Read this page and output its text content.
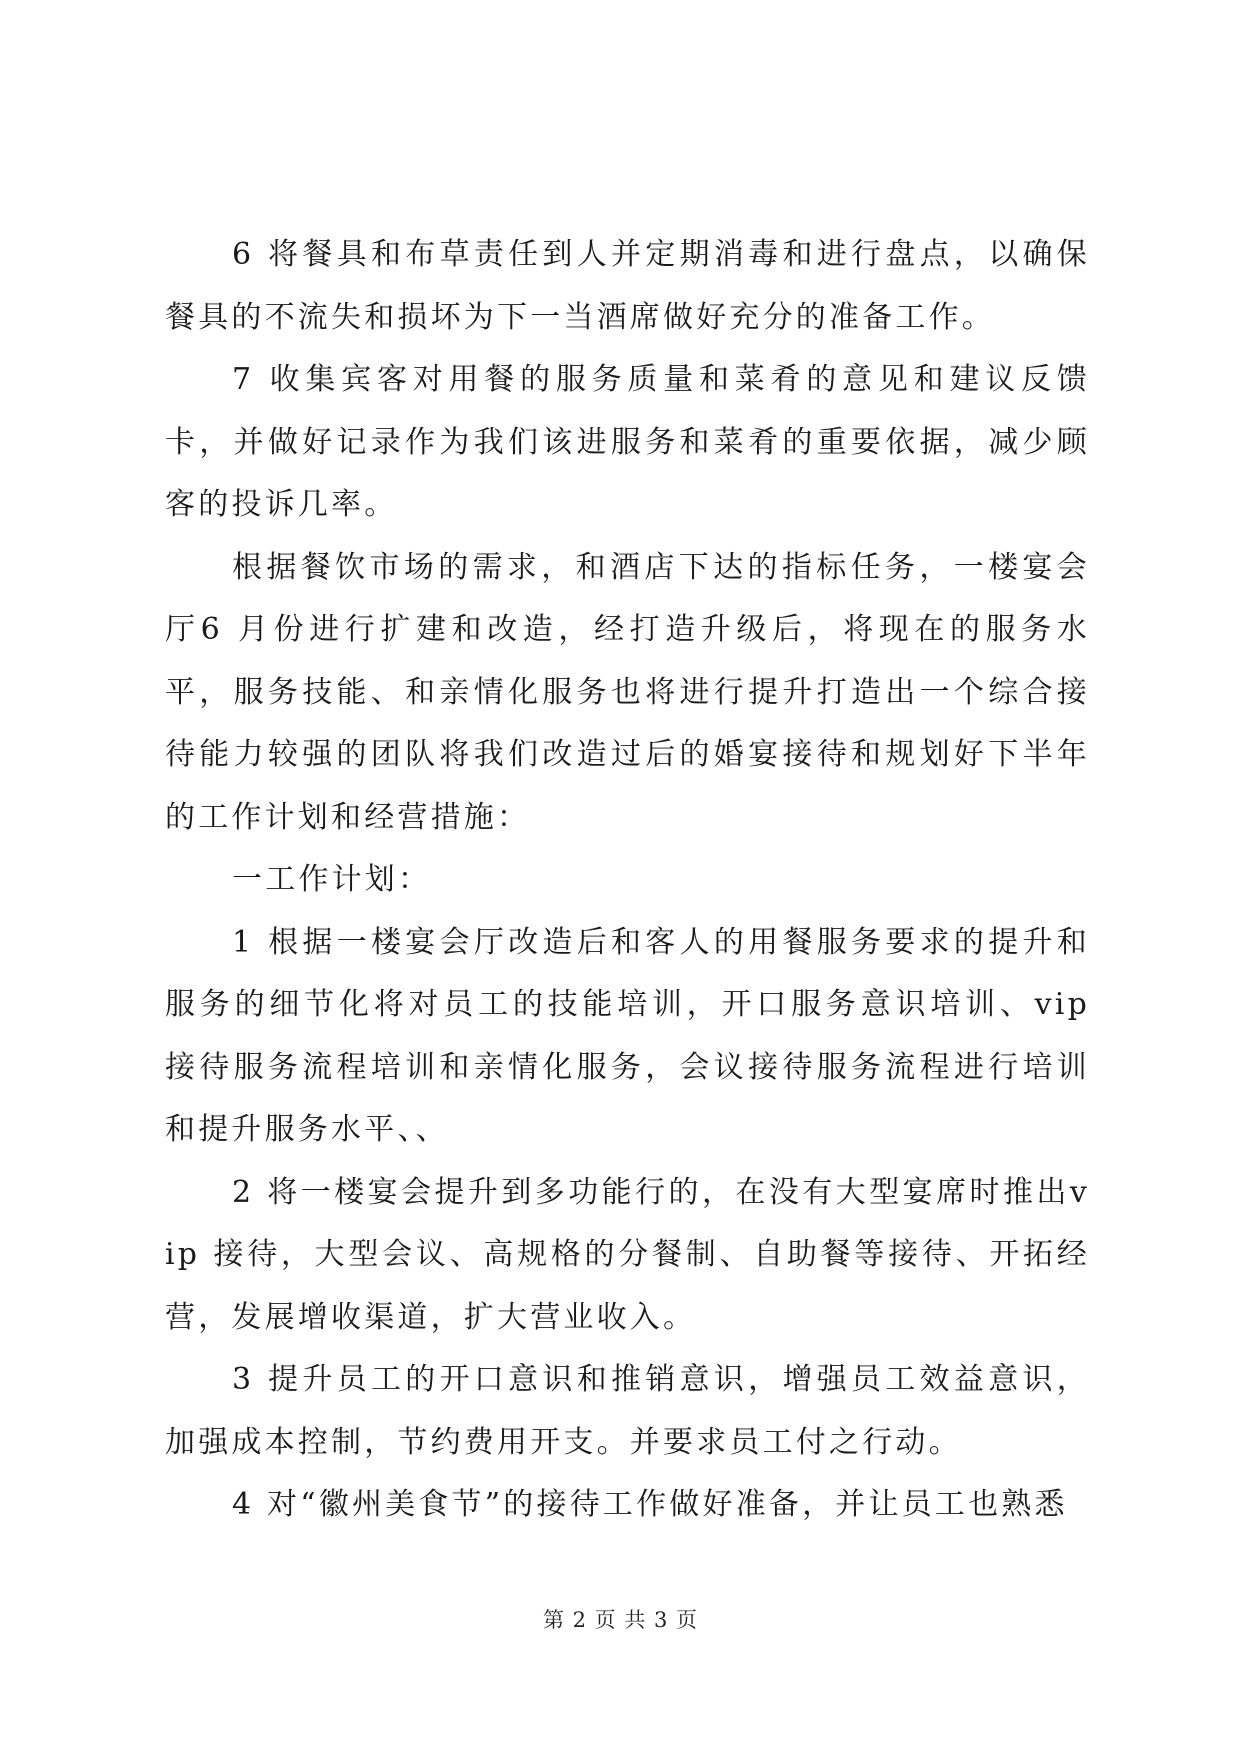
6 将餐具和布草责任到人并定期消毒和进行盘点，以确保餐具的不流失和损坏为下一当酒席做好充分的准备工作。

7 收集宾客对用餐的服务质量和菜肴的意见和建议反馈卡，并做好记录作为我们该进服务和菜肴的重要依据，减少顾客的投诉几率。

根据餐饮市场的需求，和酒店下达的指标任务，一楼宴会厅6 月份进行扩建和改造，经打造升级后，将现在的服务水平，服务技能、和亲情化服务也将进行提升打造出一个综合接待能力较强的团队将我们改造过后的婚宴接待和规划好下半年的工作计划和经营措施：

一工作计划：

1 根据一楼宴会厅改造后和客人的用餐服务要求的提升和服务的细节化将对员工的技能培训，开口服务意识培训、vip 接待服务流程培训和亲情化服务，会议接待服务流程进行培训和提升服务水平、、

2 将一楼宴会提升到多功能行的，在没有大型宴席时推出vip 接待，大型会议、高规格的分餐制、自助餐等接待、开拓经营，发展增收渠道，扩大营业收入。

3 提升员工的开口意识和推销意识，增强员工效益意识，加强成本控制，节约费用开支。并要求员工付之行动。

4 对“徽州美食节”的接待工作做好准备，并让员工也熟悉

第 2 页 共 3 页
